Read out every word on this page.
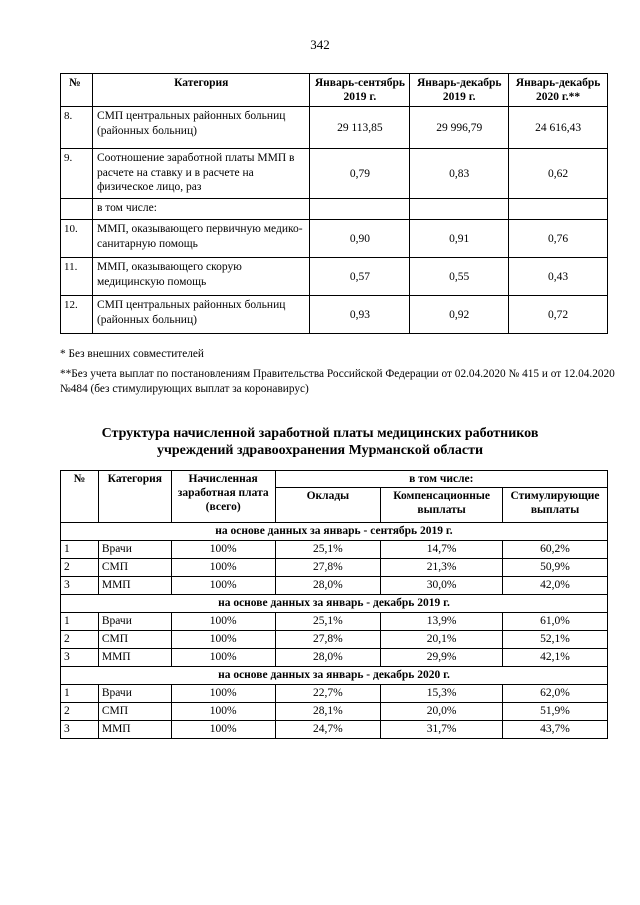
342
№	Категория	Январь-сентябрь 2019 г.	Январь-декабрь 2019 г.	Январь-декабрь 2020 г.**
8.	СМП центральных районных больниц (районных больниц)	29 113,85	29 996,79	24 616,43
9.	Соотношение заработной платы ММП в расчете на ставку и в расчете на физическое лицо, раз	0,79	0,83	0,62
	в том числе:			
10.	ММП, оказывающего первичную медико-санитарную помощь	0,90	0,91	0,76
11.	ММП, оказывающего скорую медицинскую помощь	0,57	0,55	0,43
12.	СМП центральных районных больниц (районных больниц)	0,93	0,92	0,72

* Без внешних совместителей

**Без учета выплат по постановлениям Правительства Российской Федерации от 02.04.2020 № 415 и от 12.04.2020 №484 (без стимулирующих выплат за коронавирус)

Структура начисленной заработной платы медицинских работников
учреждений здравоохранения Мурманской области
№	Категория	Начисленная заработная плата (всего)	в том числе:		
			Оклады	Компенсационные выплаты	Стимулирующие выплаты
на основе данных за январь - сентябрь 2019 г.					
1	Врачи	100%	25,1%	14,7%	60,2%
2	СМП	100%	27,8%	21,3%	50,9%
3	ММП	100%	28,0%	30,0%	42,0%
на основе данных за январь - декабрь 2019 г.					
1	Врачи	100%	25,1%	13,9%	61,0%
2	СМП	100%	27,8%	20,1%	52,1%
3	ММП	100%	28,0%	29,9%	42,1%
на основе данных за январь - декабрь 2020 г.					
1	Врачи	100%	22,7%	15,3%	62,0%
2	СМП	100%	28,1%	20,0%	51,9%
3	ММП	100%	24,7%	31,7%	43,7%
